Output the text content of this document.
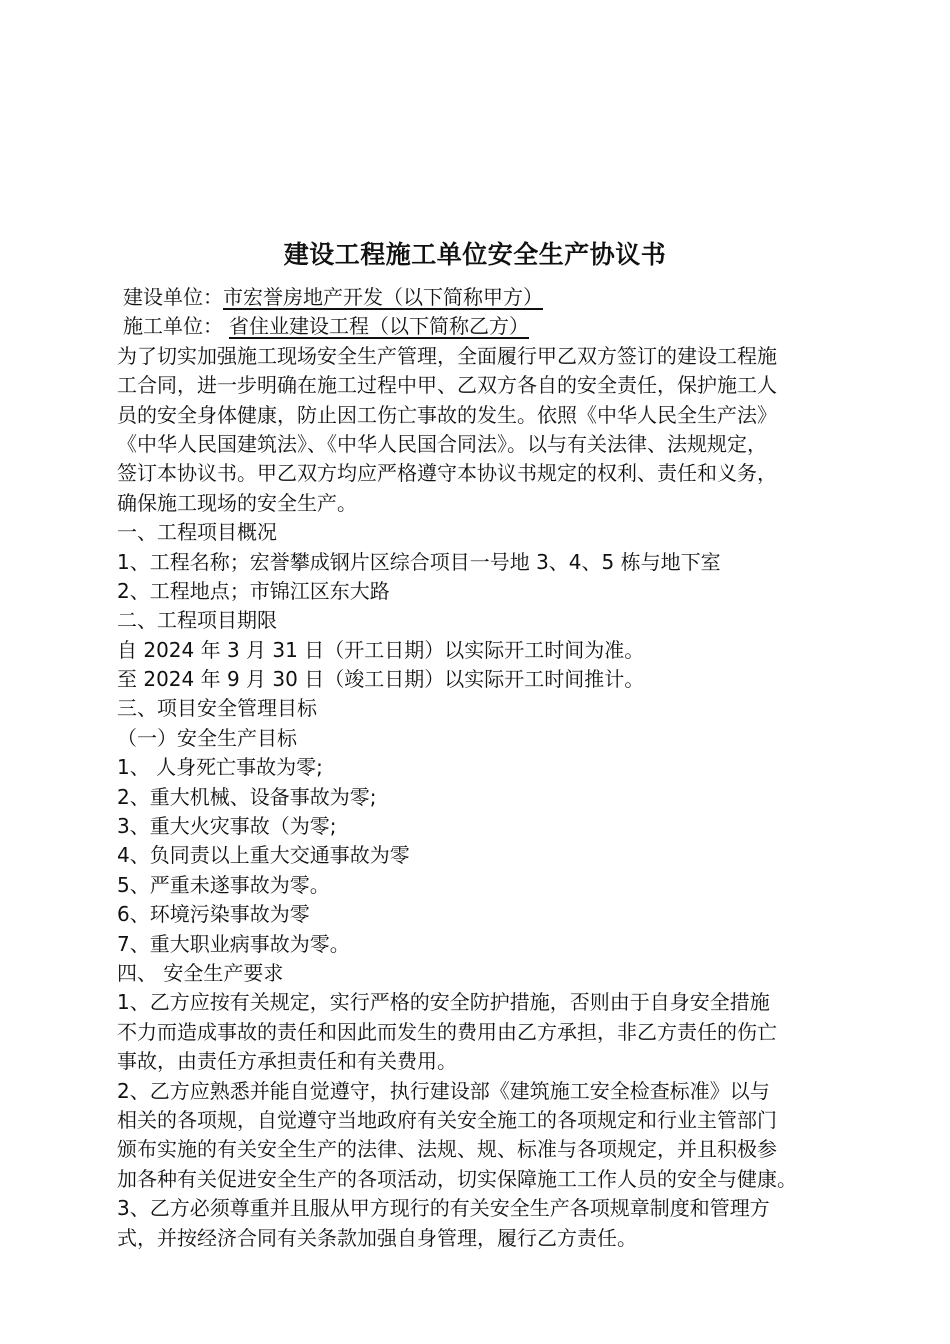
建设工程施工单位安全生产协议书
建设单位：市宏誉房地产开发（以下简称甲方）
施工单位： 省住业建设工程（以下简称乙方）
为了切实加强施工现场安全生产管理，全面履行甲乙双方签订的建设工程施
工合同，进一步明确在施工过程中甲、乙双方各自的安全责任，保护施工人
员的安全身体健康，防止因工伤亡事故的发生。依照《中华人民全生产法》
《中华人民国建筑法》、《中华人民国合同法》。以与有关法律、法规规定，
签订本协议书。甲乙双方均应严格遵守本协议书规定的权利、责任和义务，
确保施工现场的安全生产。
一、工程项目概况
1、工程名称；宏誉攀成钢片区综合项目一号地 3、4、5 栋与地下室
2、工程地点；市锦江区东大路
二、工程项目期限
自 2024 年 3 月 31 日（开工日期）以实际开工时间为准。
至 2024 年 9 月 30 日（竣工日期）以实际开工时间推计。
三、项目安全管理目标
（一）安全生产目标
1、 人身死亡事故为零;
2、重大机械、设备事故为零;
3、重大火灾事故（为零;
4、负同责以上重大交通事故为零
5、严重未遂事故为零。
6、环境污染事故为零
7、重大职业病事故为零。
四、 安全生产要求
1、乙方应按有关规定，实行严格的安全防护措施，否则由于自身安全措施
不力而造成事故的责任和因此而发生的费用由乙方承担，非乙方责任的伤亡
事故，由责任方承担责任和有关费用。
2、乙方应熟悉并能自觉遵守，执行建设部《建筑施工安全检查标准》以与
相关的各项规，自觉遵守当地政府有关安全施工的各项规定和行业主管部门
颁布实施的有关安全生产的法律、法规、规、标准与各项规定，并且积极参
加各种有关促进安全生产的各项活动，切实保障施工工作人员的安全与健康。
3、乙方必须尊重并且服从甲方现行的有关安全生产各项规章制度和管理方
式，并按经济合同有关条款加强自身管理，履行乙方责任。
